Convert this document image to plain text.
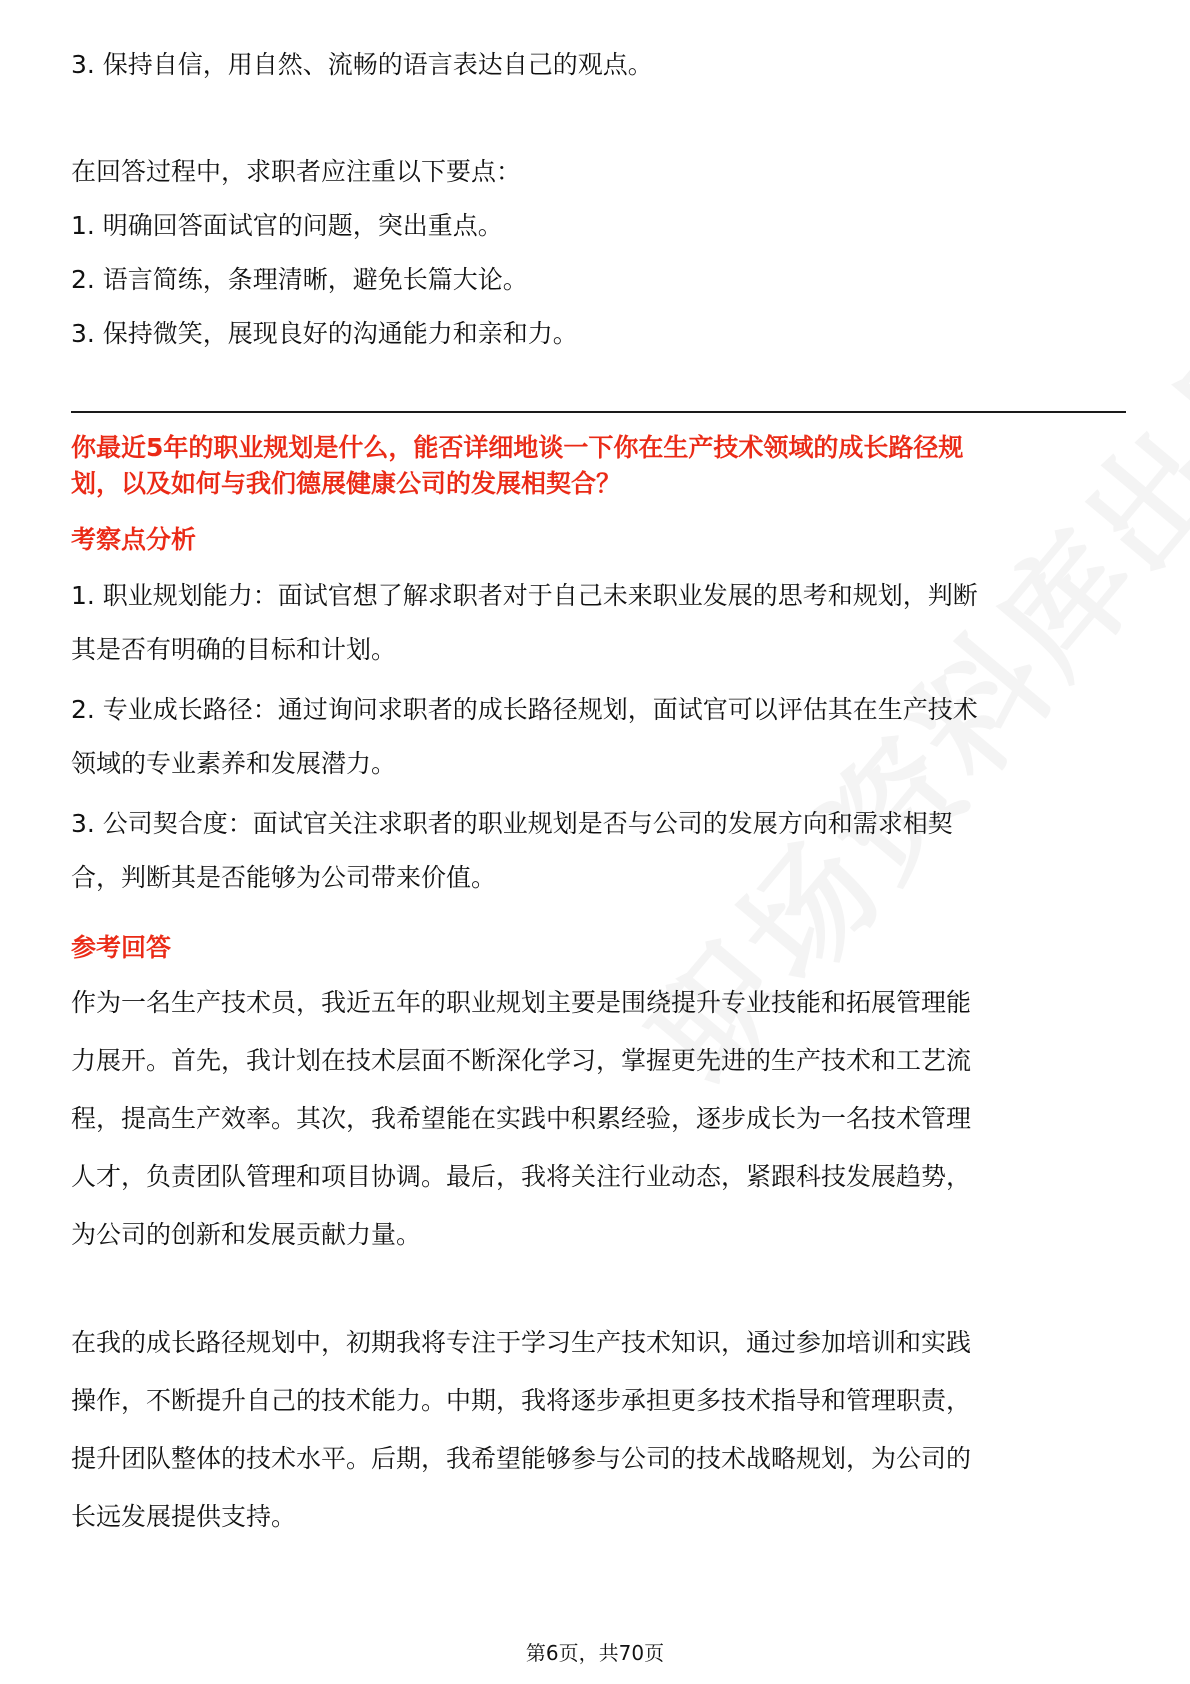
3. 保持自信，用自然、流畅的语言表达自己的观点。
在回答过程中，求职者应注重以下要点：
1. 明确回答面试官的问题，突出重点。
2. 语言简练，条理清晰，避免长篇大论。
3. 保持微笑，展现良好的沟通能力和亲和力。
你最近5年的职业规划是什么，能否详细地谈一下你在生产技术领域的成长路径规
划，以及如何与我们德展健康公司的发展相契合？
考察点分析
1. 职业规划能力：面试官想了解求职者对于自己未来职业发展的思考和规划，判断
其是否有明确的目标和计划。
2. 专业成长路径：通过询问求职者的成长路径规划，面试官可以评估其在生产技术
领域的专业素养和发展潜力。
3. 公司契合度：面试官关注求职者的职业规划是否与公司的发展方向和需求相契
合，判断其是否能够为公司带来价值。
参考回答
作为一名生产技术员，我近五年的职业规划主要是围绕提升专业技能和拓展管理能
力展开。首先，我计划在技术层面不断深化学习，掌握更先进的生产技术和工艺流
程，提高生产效率。其次，我希望能在实践中积累经验，逐步成长为一名技术管理
人才，负责团队管理和项目协调。最后，我将关注行业动态，紧跟科技发展趋势，
为公司的创新和发展贡献力量。
在我的成长路径规划中，初期我将专注于学习生产技术知识，通过参加培训和实践
操作，不断提升自己的技术能力。中期，我将逐步承担更多技术指导和管理职责，
提升团队整体的技术水平。后期，我希望能够参与公司的技术战略规划，为公司的
长远发展提供支持。
第6页，共70页
